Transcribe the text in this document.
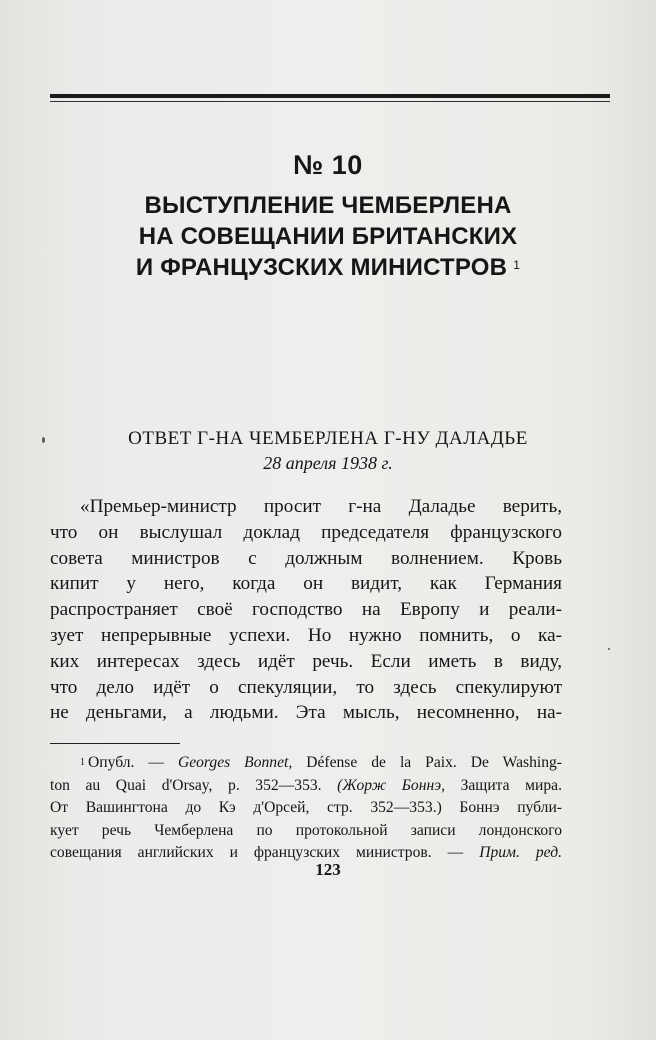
№ 10
ВЫСТУПЛЕНИЕ ЧЕМБЕРЛЕНА
НА СОВЕЩАНИИ БРИТАНСКИХ
И ФРАНЦУЗСКИХ МИНИСТРОВ $^1$
ОТВЕТ Г-НА ЧЕМБЕРЛЕНА Г-НУ ДАЛАДЬЕ
28 апреля 1938 г.
«Премьер-министр просит г-на Даладье верить,
что он выслушал доклад председателя французского
совета министров с должным волнением. Кровь
кипит у него, когда он видит, как Германия
распространяет своё господство на Европу и реали-
зует непрерывные успехи. Но нужно помнить, о ка-
ких интересах здесь идёт речь. Если иметь в виду,
что дело идёт о спекуляции, то здесь спекулируют
не деньгами, а людьми. Эта мысль, несомненно, на-
$^1$ Опубл. — Georges Bonnet, Défense de la Paix. De Washing-
ton au Quai d'Orsay, p. 352—353. (Жорж Боннэ, Защита мира.
От Вашингтона до Кэ д'Орсей, стр. 352—353.) Боннэ публи-
кует речь Чемберлена по протокольной записи лондонского
совещания английских и французских министров. — Прим. ред.
123
